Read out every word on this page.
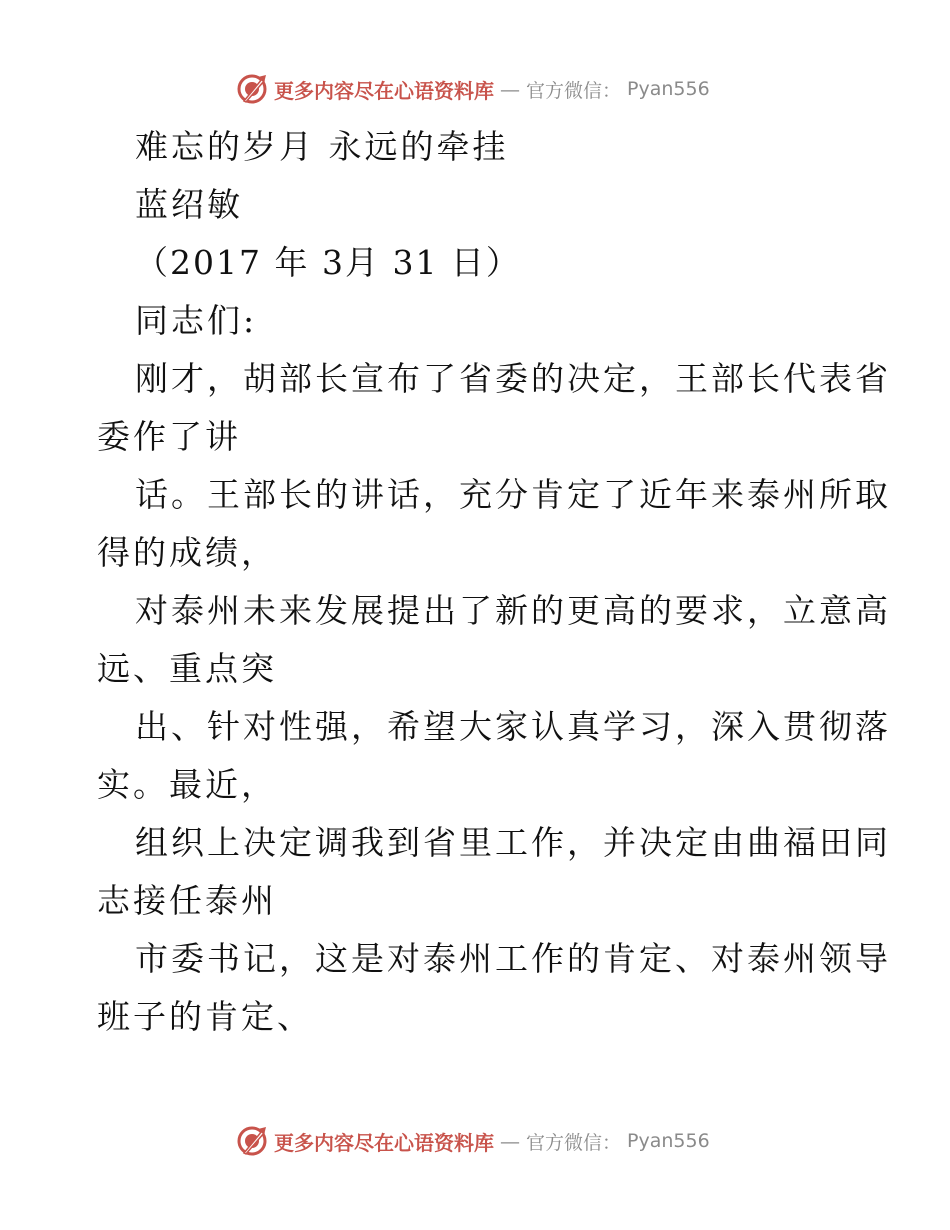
更多内容尽在心语资料库 — 官方微信： Pyan556
难忘的岁月 永远的牵挂
蓝绍敏
（2017 年 3月 31 日）
同志们:
刚才，胡部长宣布了省委的决定，王部长代表省
委作了讲
话。王部长的讲话，充分肯定了近年来泰州所取
得的成绩，
对泰州未来发展提出了新的更高的要求，立意高
远、重点突
出、针对性强，希望大家认真学习，深入贯彻落
实。最近，
组织上决定调我到省里工作，并决定由曲福田同
志接任泰州
市委书记，这是对泰州工作的肯定、对泰州领导
班子的肯定、
更多内容尽在心语资料库 — 官方微信： Pyan556
